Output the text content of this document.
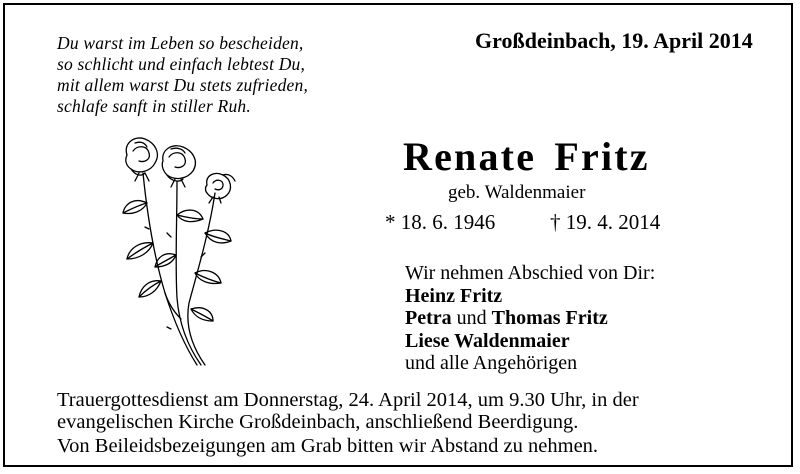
Du warst im Leben so bescheiden,
so schlicht und einfach lebtest Du,
mit allem warst Du stets zufrieden,
schlafe sanft in stiller Ruh.
Großdeinbach, 19. April 2014
Renate Fritz
geb. Waldenmaier
* 18. 6. 1946	† 19. 4. 2014
Wir nehmen Abschied von Dir:
Heinz Fritz
Petra und Thomas Fritz
Liese Waldenmaier
und alle Angehörigen
Trauergottesdienst am Donnerstag, 24. April 2014, um 9.30 Uhr, in der
evangelischen Kirche Großdeinbach, anschließend Beerdigung.
Von Beileidsbezeigungen am Grab bitten wir Abstand zu nehmen.
